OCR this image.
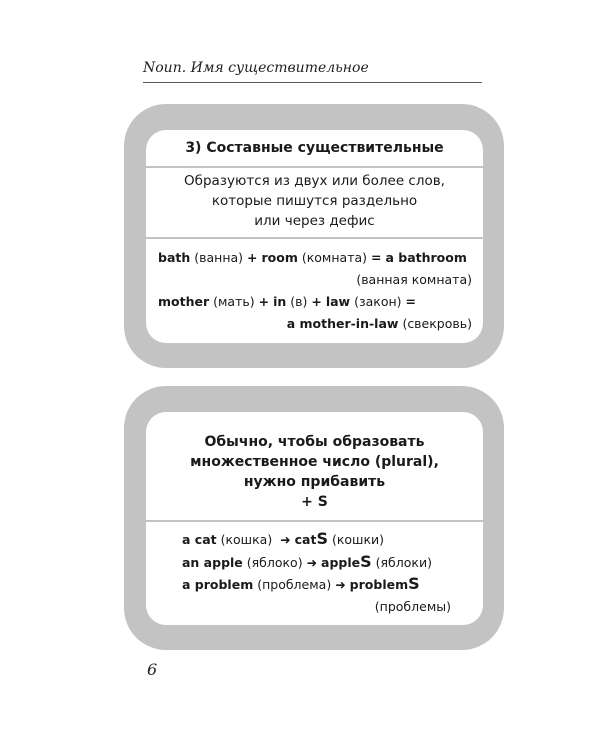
Noun. Имя существительное
3) Составные существительные
Образуются из двух или более слов,
которые пишутся раздельно
или через дефис
bath (ванна) + room (комната) = a bathroom
(ванная комната)
mother (мать) + in (в) + law (закон) =
a mother-in-law (свекровь)
Обычно, чтобы образовать
множественное число (plural),
нужно прибавить
+ S
a cat (кошка) ➜ catS (кошки)
an apple (яблоко) ➜ appleS (яблоки)
a problem (проблема) ➜ problemS
(проблемы)
6
